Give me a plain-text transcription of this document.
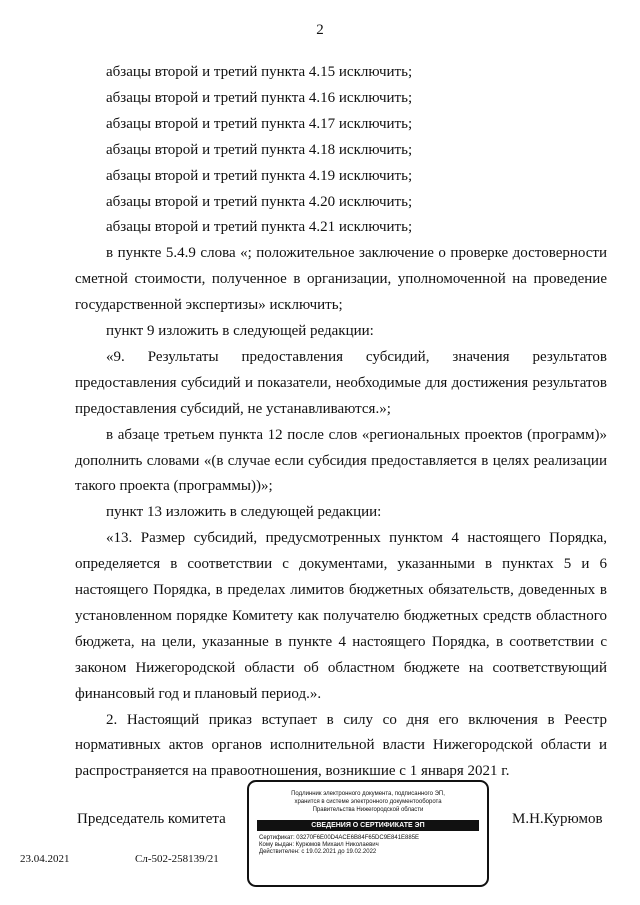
2
абзацы второй и третий пункта 4.15 исключить;
абзацы второй и третий пункта 4.16 исключить;
абзацы второй и третий пункта 4.17 исключить;
абзацы второй и третий пункта 4.18 исключить;
абзацы второй и третий пункта 4.19 исключить;
абзацы второй и третий пункта 4.20 исключить;
абзацы второй и третий пункта 4.21 исключить;
в пункте 5.4.9 слова «; положительное заключение о проверке достоверности
сметной стоимости, полученное в организации, уполномоченной на проведение
государственной экспертизы» исключить;
пункт 9 изложить в следующей редакции:
«9. Результаты предоставления субсидий, значения результатов
предоставления субсидий и показатели, необходимые для достижения результатов
предоставления субсидий, не устанавливаются.»;
в абзаце третьем пункта 12 после слов «региональных проектов (программ)»
дополнить словами «(в случае если субсидия предоставляется в целях реализации
такого проекта (программы))»;
пункт 13 изложить в следующей редакции:
«13. Размер субсидий, предусмотренных пунктом 4 настоящего Порядка,
определяется в соответствии с документами, указанными в пунктах 5 и 6
настоящего Порядка, в пределах лимитов бюджетных обязательств, доведенных в
установленном порядке Комитету как получателю бюджетных средств областного
бюджета, на цели, указанные в пункте 4 настоящего Порядка, в соответствии с
законом Нижегородской области об областном бюджете на соответствующий
финансовый год и плановый период.».
2. Настоящий приказ вступает в силу со дня его включения в Реестр
нормативных актов органов исполнительной власти Нижегородской области и
распространяется на правоотношения, возникшие с 1 января 2021 г.
Председатель комитета	М.Н.Курюмов
Подлинник электронного документа, подписанного ЭП,
хранится в системе электронного документооборота
Правительства Нижегородской области
СВЕДЕНИЯ О СЕРТИФИКАТЕ ЭП
Сертификат: 03270F6E00D4ACE6B84F65DC9E841E885E
Кому выдан: Курюмов Михаил Николаевич
Действителен: с 19.02.2021 до 19.02.2022
23.04.2021	Сл-502-258139/21
